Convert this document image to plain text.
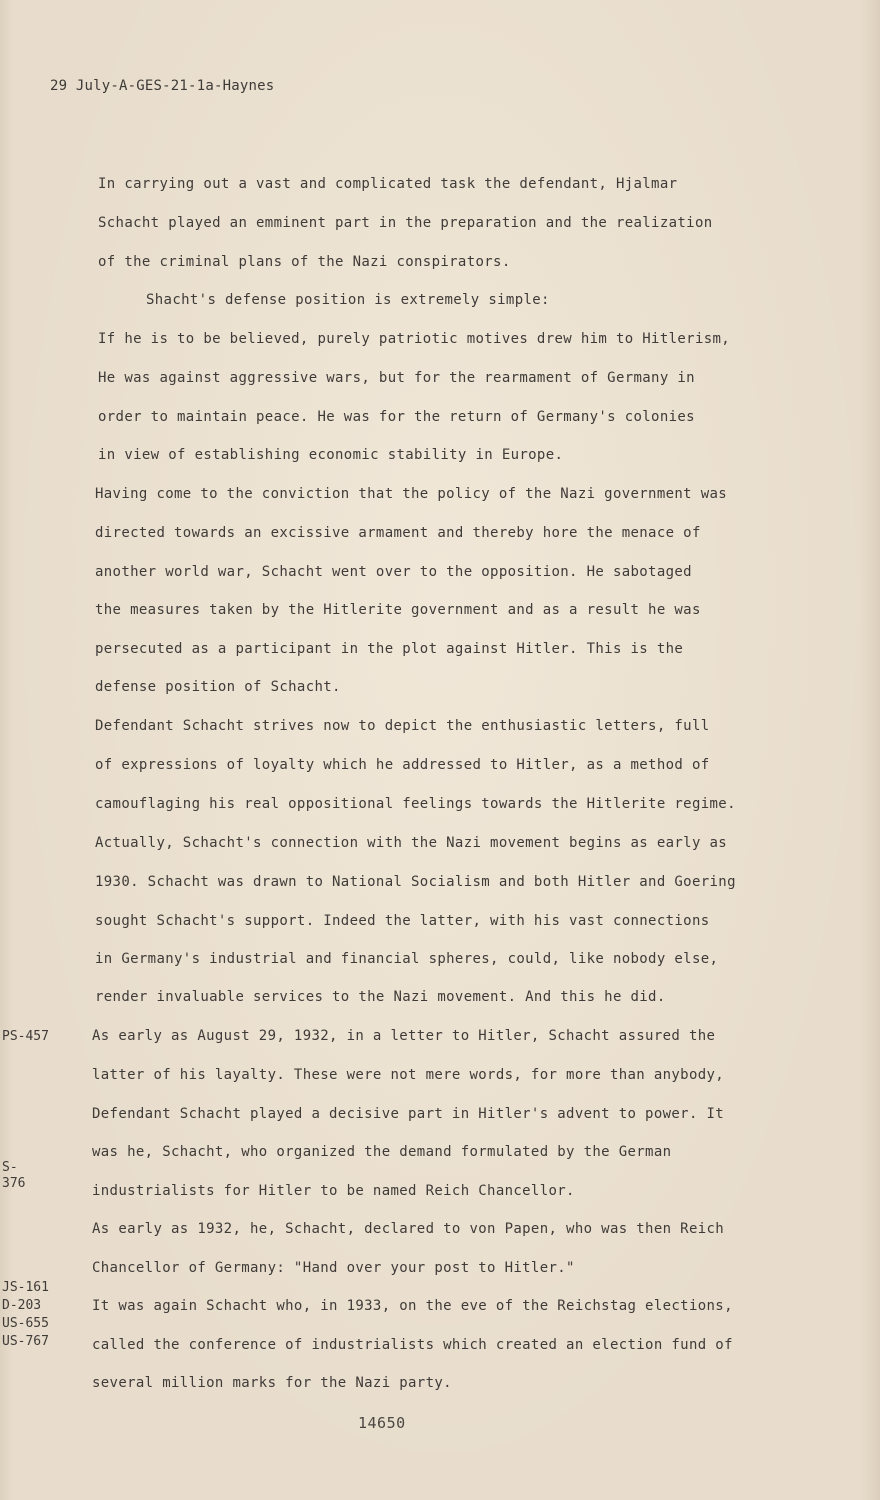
29 July-A-GES-21-1a-Haynes
In carrying out a vast and complicated task the defendant, Hjalmar
Schacht played an emminent part in the preparation and the realization
of the criminal plans of the Nazi conspirators.
Shacht's defense position is extremely simple:
If he is to be believed, purely patriotic motives drew him to Hitlerism,
He was against aggressive wars, but for the rearmament of Germany in
order to maintain peace. He was for the return of Germany's colonies
in view of establishing economic stability in Europe.
Having come to the conviction that the policy of the Nazi government was
directed towards an excissive armament and thereby hore the menace of
another world war, Schacht went over to the opposition. He sabotaged
the measures taken by the Hitlerite government and as a result he was
persecuted as a participant in the plot against Hitler. This is the
defense position of Schacht.
Defendant Schacht strives now to depict the enthusiastic letters, full
of expressions of loyalty which he addressed to Hitler, as a method of
camouflaging his real oppositional feelings towards the Hitlerite regime.
Actually, Schacht's connection with the Nazi movement begins as early as
1930. Schacht was drawn to National Socialism and both Hitler and Goering
sought Schacht's support. Indeed the latter, with his vast connections
in Germany's industrial and financial spheres, could, like nobody else,
render invaluable services to the Nazi movement. And this he did.
As early as August 29, 1932, in a letter to Hitler, Schacht assured the
latter of his layalty. These were not mere words, for more than anybody,
Defendant Schacht played a decisive part in Hitler's advent to power. It
was he, Schacht, who organized the demand formulated by the German
industrialists for Hitler to be named Reich Chancellor.
As early as 1932, he, Schacht, declared to von Papen, who was then Reich
Chancellor of Germany: "Hand over your post to Hitler."
It was again Schacht who, in 1933, on the eve of the Reichstag elections,
called the conference of industrialists which created an election fund of
several million marks for the Nazi party.
PS-457
S-
376
JS-161
D-203
US-655
US-767
14650
